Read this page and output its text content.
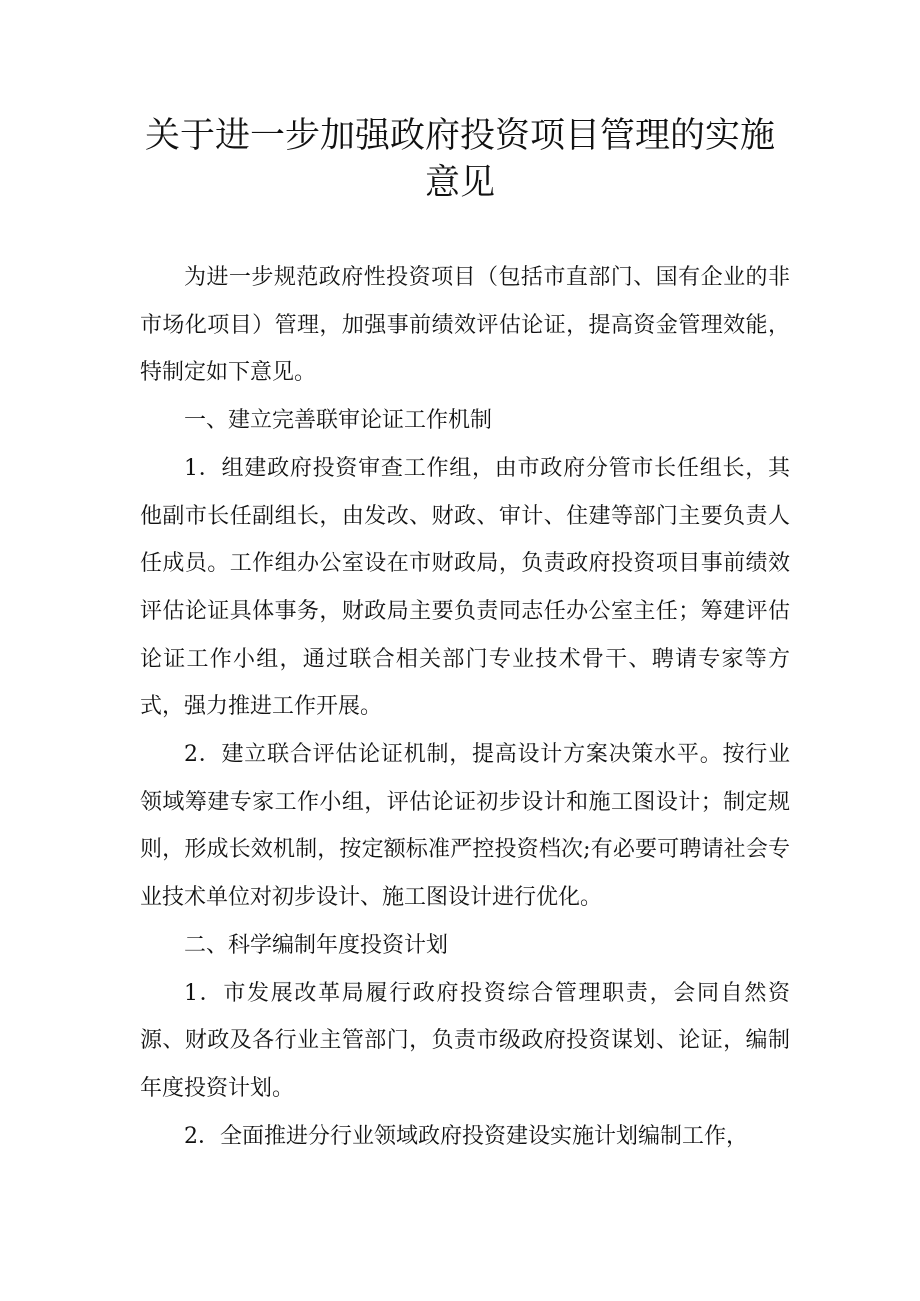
关于进一步加强政府投资项目管理的实施
意见

为进一步规范政府性投资项目（包括市直部门、国有企业的非市场化项目）管理，加强事前绩效评估论证，提高资金管理效能，特制定如下意见。

一、建立完善联审论证工作机制

1．组建政府投资审查工作组，由市政府分管市长任组长，其他副市长任副组长，由发改、财政、审计、住建等部门主要负责人任成员。工作组办公室设在市财政局，负责政府投资项目事前绩效评估论证具体事务，财政局主要负责同志任办公室主任；筹建评估论证工作小组，通过联合相关部门专业技术骨干、聘请专家等方式，强力推进工作开展。

2．建立联合评估论证机制，提高设计方案决策水平。按行业领域筹建专家工作小组，评估论证初步设计和施工图设计；制定规则，形成长效机制，按定额标准严控投资档次;有必要可聘请社会专业技术单位对初步设计、施工图设计进行优化。

二、科学编制年度投资计划

1．市发展改革局履行政府投资综合管理职责，会同自然资源、财政及各行业主管部门，负责市级政府投资谋划、论证，编制年度投资计划。

2．全面推进分行业领域政府投资建设实施计划编制工作，
